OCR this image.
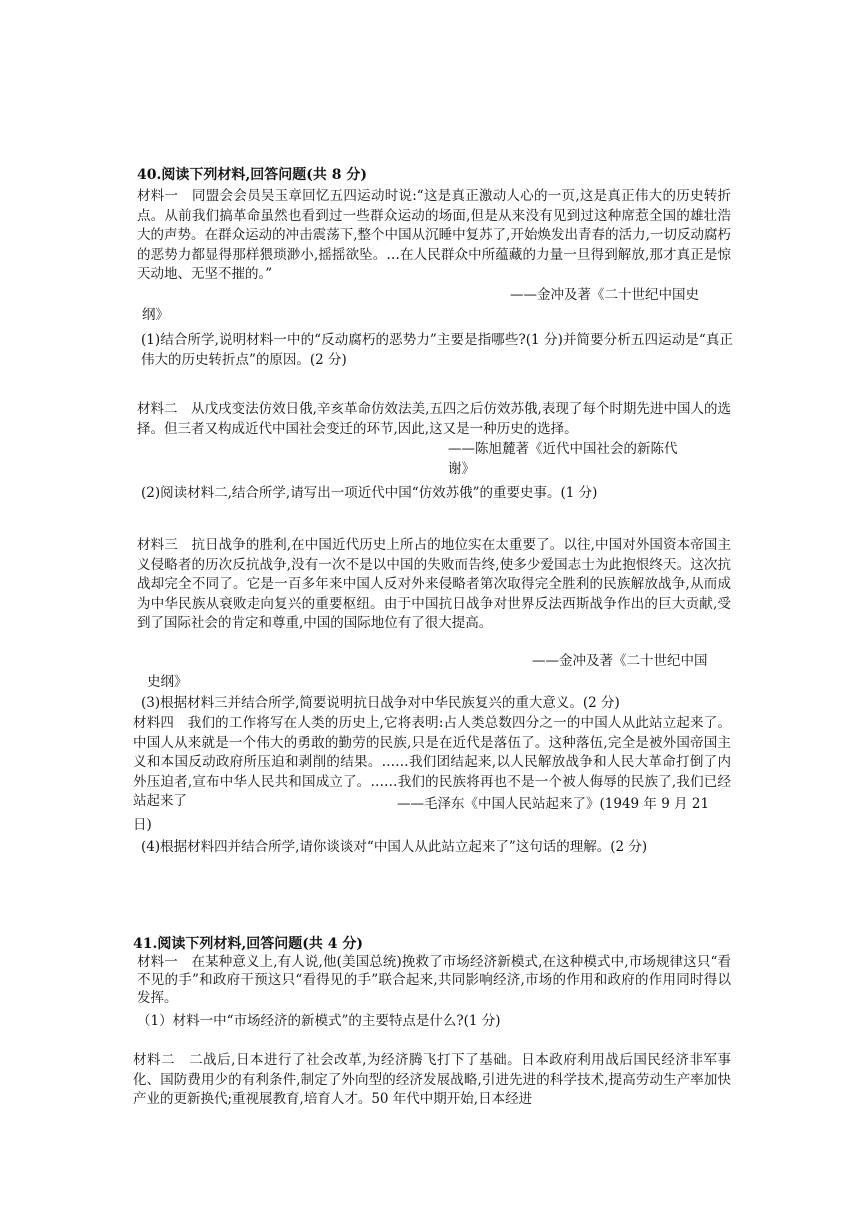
40.阅读下列材料,回答问题(共 8 分)
材料一　同盟会会员吴玉章回忆五四运动时说:“这是真正激动人心的一页,这是真正伟大的历史转折点。从前我们搞革命虽然也看到过一些群众运动的场面,但是从来没有见到过这种席惹全国的雄壮浩大的声势。在群众运动的冲击震荡下,整个中国从沉睡中复苏了,开始焕发出青春的活力,一切反动腐朽的恶势力都显得那样猥琐渺小,摇摇欲坠。…在人民群众中所蕴藏的力量一旦得到解放,那才真正是惊天动地、无坚不摧的。”
——金冲及著《二十世纪中国史
纲》
(1)结合所学,说明材料一中的“反动腐朽的恶势力”主要是指哪些?(1 分)并简要分析五四运动是“真正伟大的历史转折点”的原因。(2 分)
材料二　从戊戌变法仿效日俄,辛亥革命仿效法美,五四之后仿效苏俄,表现了每个时期先进中国人的选择。但三者又构成近代中国社会变迁的环节,因此,这又是一种历史的选择。
——陈旭麓著《近代中国社会的新陈代
谢》
(2)阅读材料二,结合所学,请写出一项近代中国“仿效苏俄”的重要史事。(1 分)
材料三　抗日战争的胜利,在中国近代历史上所占的地位实在太重要了。以往,中国对外国资本帝国主义侵略者的历次反抗战争,没有一次不是以中国的失败而告终,使多少爱国志士为此抱恨终天。这次抗战却完全不同了。它是一百多年来中国人反对外来侵略者第次取得完全胜利的民族解放战争,从而成为中华民族从衰败走向复兴的重要枢纽。由于中国抗日战争对世界反法西斯战争作出的巨大贡献,受到了国际社会的肯定和尊重,中国的国际地位有了很大提高。
——金冲及著《二十世纪中国
史纲》
(3)根据材料三并结合所学,简要说明抗日战争对中华民族复兴的重大意义。(2 分)
材料四　我们的工作将写在人类的历史上,它将表明:占人类总数四分之一的中国人从此站立起来了。中国人从来就是一个伟大的勇敢的勤劳的民族,只是在近代是落伍了。这种落伍,完全是被外国帝国主义和本国反动政府所压迫和剥削的结果。……我们团结起来,以人民解放战争和人民大革命打倒了内外压迫者,宣布中华人民共和国成立了。……我们的民族将再也不是一个被人侮辱的民族了,我们已经站起来了	——毛泽东《中国人民站起来了》(1949 年 9 月 21
日)
(4)根据材料四并结合所学,请你谈谈对“中国人从此站立起来了”这句话的理解。(2 分)
41.阅读下列材料,回答问题(共 4 分)
材料一　在某种意义上,有人说,他(美国总统)挽救了市场经济新模式,在这种模式中,市场规律这只“看不见的手”和政府干预这只“看得见的手”联合起来,共同影响经济,市场的作用和政府的作用同时得以发挥。
（1）材料一中“市场经济的新模式”的主要特点是什么?(1 分)
材料二　二战后,日本进行了社会改革,为经济腾飞打下了基础。日本政府利用战后国民经济非军事化、国防费用少的有利条件,制定了外向型的经济发展战略,引进先进的科学技术,提高劳动生产率加快产业的更新换代;重视展教育,培育人才。50 年代中期开始,日本经进
